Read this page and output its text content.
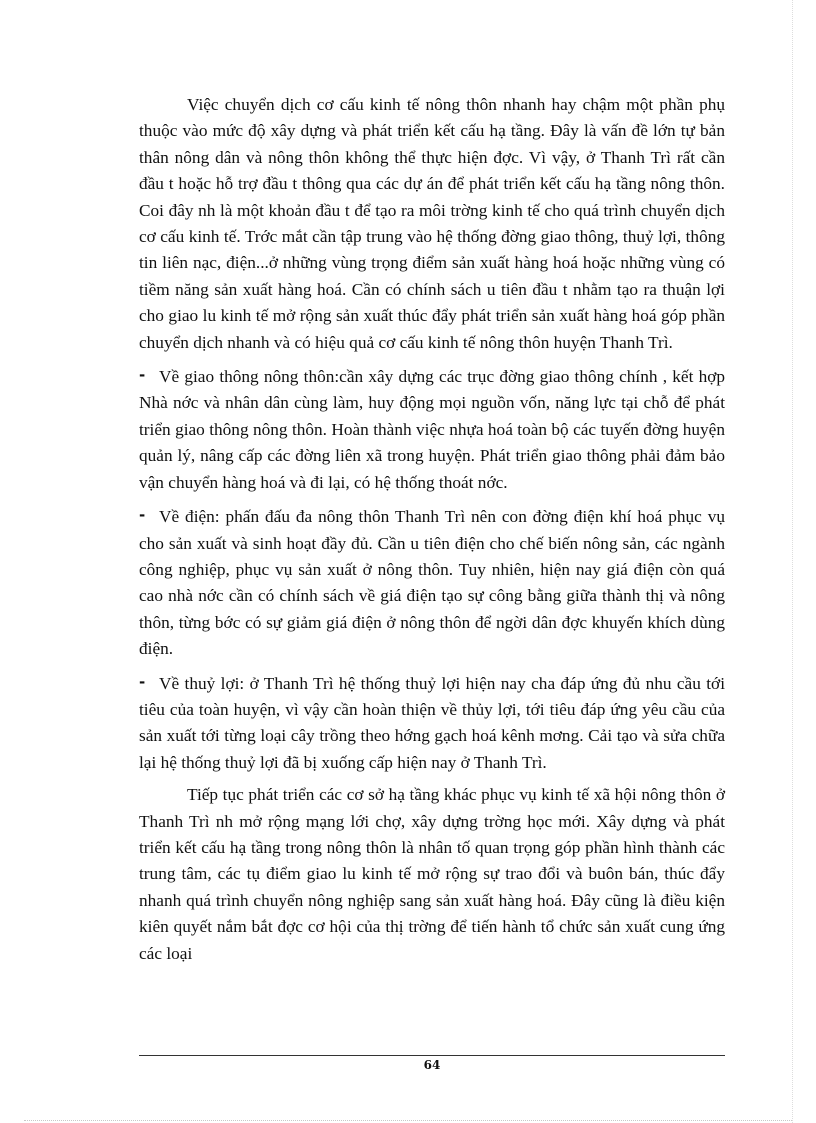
Việc chuyển dịch cơ cấu kinh tế nông thôn nhanh hay chậm một phần phụ thuộc vào mức độ xây dựng và phát triển kết cấu hạ tầng. Đây là vấn đề lớn tự bản thân nông dân và nông thôn không thể thực hiện đợc. Vì vậy, ở Thanh Trì rất cần đầu t hoặc hỗ trợ đầu t thông qua các dự án để phát triển kết cấu hạ tầng nông thôn. Coi đây nh là một khoản đầu t để tạo ra môi trờng kinh tế cho quá trình chuyển dịch cơ cấu kinh tế. Trớc mắt cần tập trung vào hệ thống đờng giao thông, thuỷ lợi, thông tin liên nạc, điện...ở những vùng trọng điểm sản xuất hàng hoá hoặc những vùng có tiềm năng sản xuất hàng hoá. Cần có chính sách u tiên đầu t nhằm tạo ra thuận lợi cho giao lu kinh tế mở rộng sản xuất thúc đẩy phát triển sản xuất hàng hoá góp phần chuyển dịch nhanh và có hiệu quả cơ cấu kinh tế nông thôn huyện Thanh Trì.

- Về giao thông nông thôn:cần xây dựng các trục đờng giao thông chính , kết hợp Nhà nớc và nhân dân cùng làm, huy động mọi nguồn vốn, năng lực tại chỗ để phát triển giao thông nông thôn. Hoàn thành việc nhựa hoá toàn bộ các tuyến đờng huyện quản lý, nâng cấp các đờng liên xã trong huyện. Phát triển giao thông phải đảm bảo vận chuyển hàng hoá và đi lại, có hệ thống thoát nớc.

- Về điện: phấn đấu đa nông thôn Thanh Trì nên con đờng điện khí hoá phục vụ cho sản xuất và sinh hoạt đầy đủ. Cần u tiên điện cho chế biến nông sản, các ngành công nghiệp, phục vụ sản xuất ở nông thôn. Tuy nhiên, hiện nay giá điện còn quá cao nhà nớc cần có chính sách về giá điện tạo sự công bằng giữa thành thị và nông thôn, từng bớc có sự giảm giá điện ở nông thôn để ngời dân đợc khuyến khích dùng điện.

- Về thuỷ lợi: ở Thanh Trì hệ thống thuỷ lợi hiện nay cha đáp ứng đủ nhu cầu tới tiêu của toàn huyện, vì vậy cần hoàn thiện về thủy lợi, tới tiêu đáp ứng yêu cầu của sản xuất tới từng loại cây trồng theo hớng gạch hoá kênh mơng. Cải tạo và sửa chữa lại hệ thống thuỷ lợi đã bị xuống cấp hiện nay ở Thanh Trì.

Tiếp tục phát triển các cơ sở hạ tầng khác phục vụ kinh tế xã hội nông thôn ở Thanh Trì nh mở rộng mạng lới chợ, xây dựng trờng học mới. Xây dựng và phát triển kết cấu hạ tầng trong nông thôn là nhân tố quan trọng góp phần hình thành các trung tâm, các tụ điểm giao lu kinh tế mở rộng sự trao đổi và buôn bán, thúc đẩy nhanh quá trình chuyển nông nghiệp sang sản xuất hàng hoá. Đây cũng là điều kiện kiên quyết nắm bắt đợc cơ hội của thị trờng để tiến hành tổ chức sản xuất cung ứng các loại

64
